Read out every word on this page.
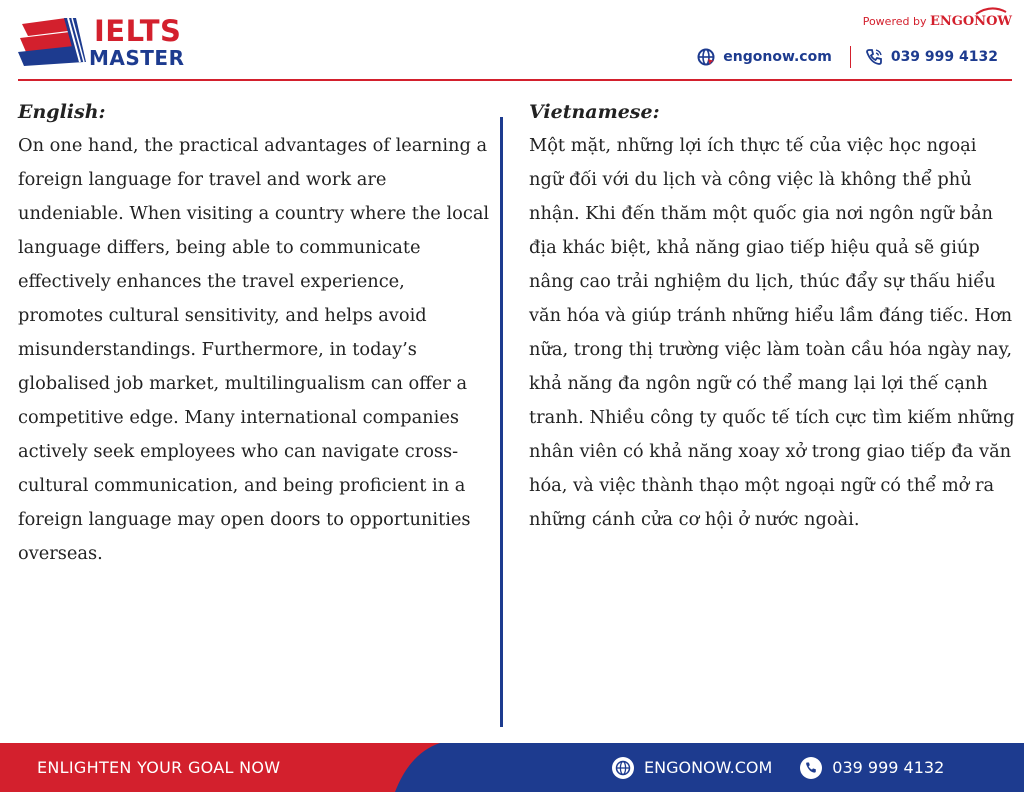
IELTS
MASTER
Powered by ENGONOW
engonow.com	039 999 4132
English:

On one hand, the practical advantages of learning a foreign language for travel and work are undeniable. When visiting a country where the local language differs, being able to communicate effectively enhances the travel experience, promotes cultural sensitivity, and helps avoid misunderstandings. Furthermore, in today’s globalised job market, multilingualism can offer a competitive edge. Many international companies actively seek employees who can navigate cross-cultural communication, and being proficient in a foreign language may open doors to opportunities overseas.

Vietnamese:

Một mặt, những lợi ích thực tế của việc học ngoại ngữ đối với du lịch và công việc là không thể phủ nhận. Khi đến thăm một quốc gia nơi ngôn ngữ bản địa khác biệt, khả năng giao tiếp hiệu quả sẽ giúp nâng cao trải nghiệm du lịch, thúc đẩy sự thấu hiểu văn hóa và giúp tránh những hiểu lầm đáng tiếc. Hơn nữa, trong thị trường việc làm toàn cầu hóa ngày nay, khả năng đa ngôn ngữ có thể mang lại lợi thế cạnh tranh. Nhiều công ty quốc tế tích cực tìm kiếm những nhân viên có khả năng xoay xở trong giao tiếp đa văn hóa, và việc thành thạo một ngoại ngữ có thể mở ra những cánh cửa cơ hội ở nước ngoài.

ENLIGHTEN YOUR GOAL NOW	ENGONOW.COM	039 999 4132
